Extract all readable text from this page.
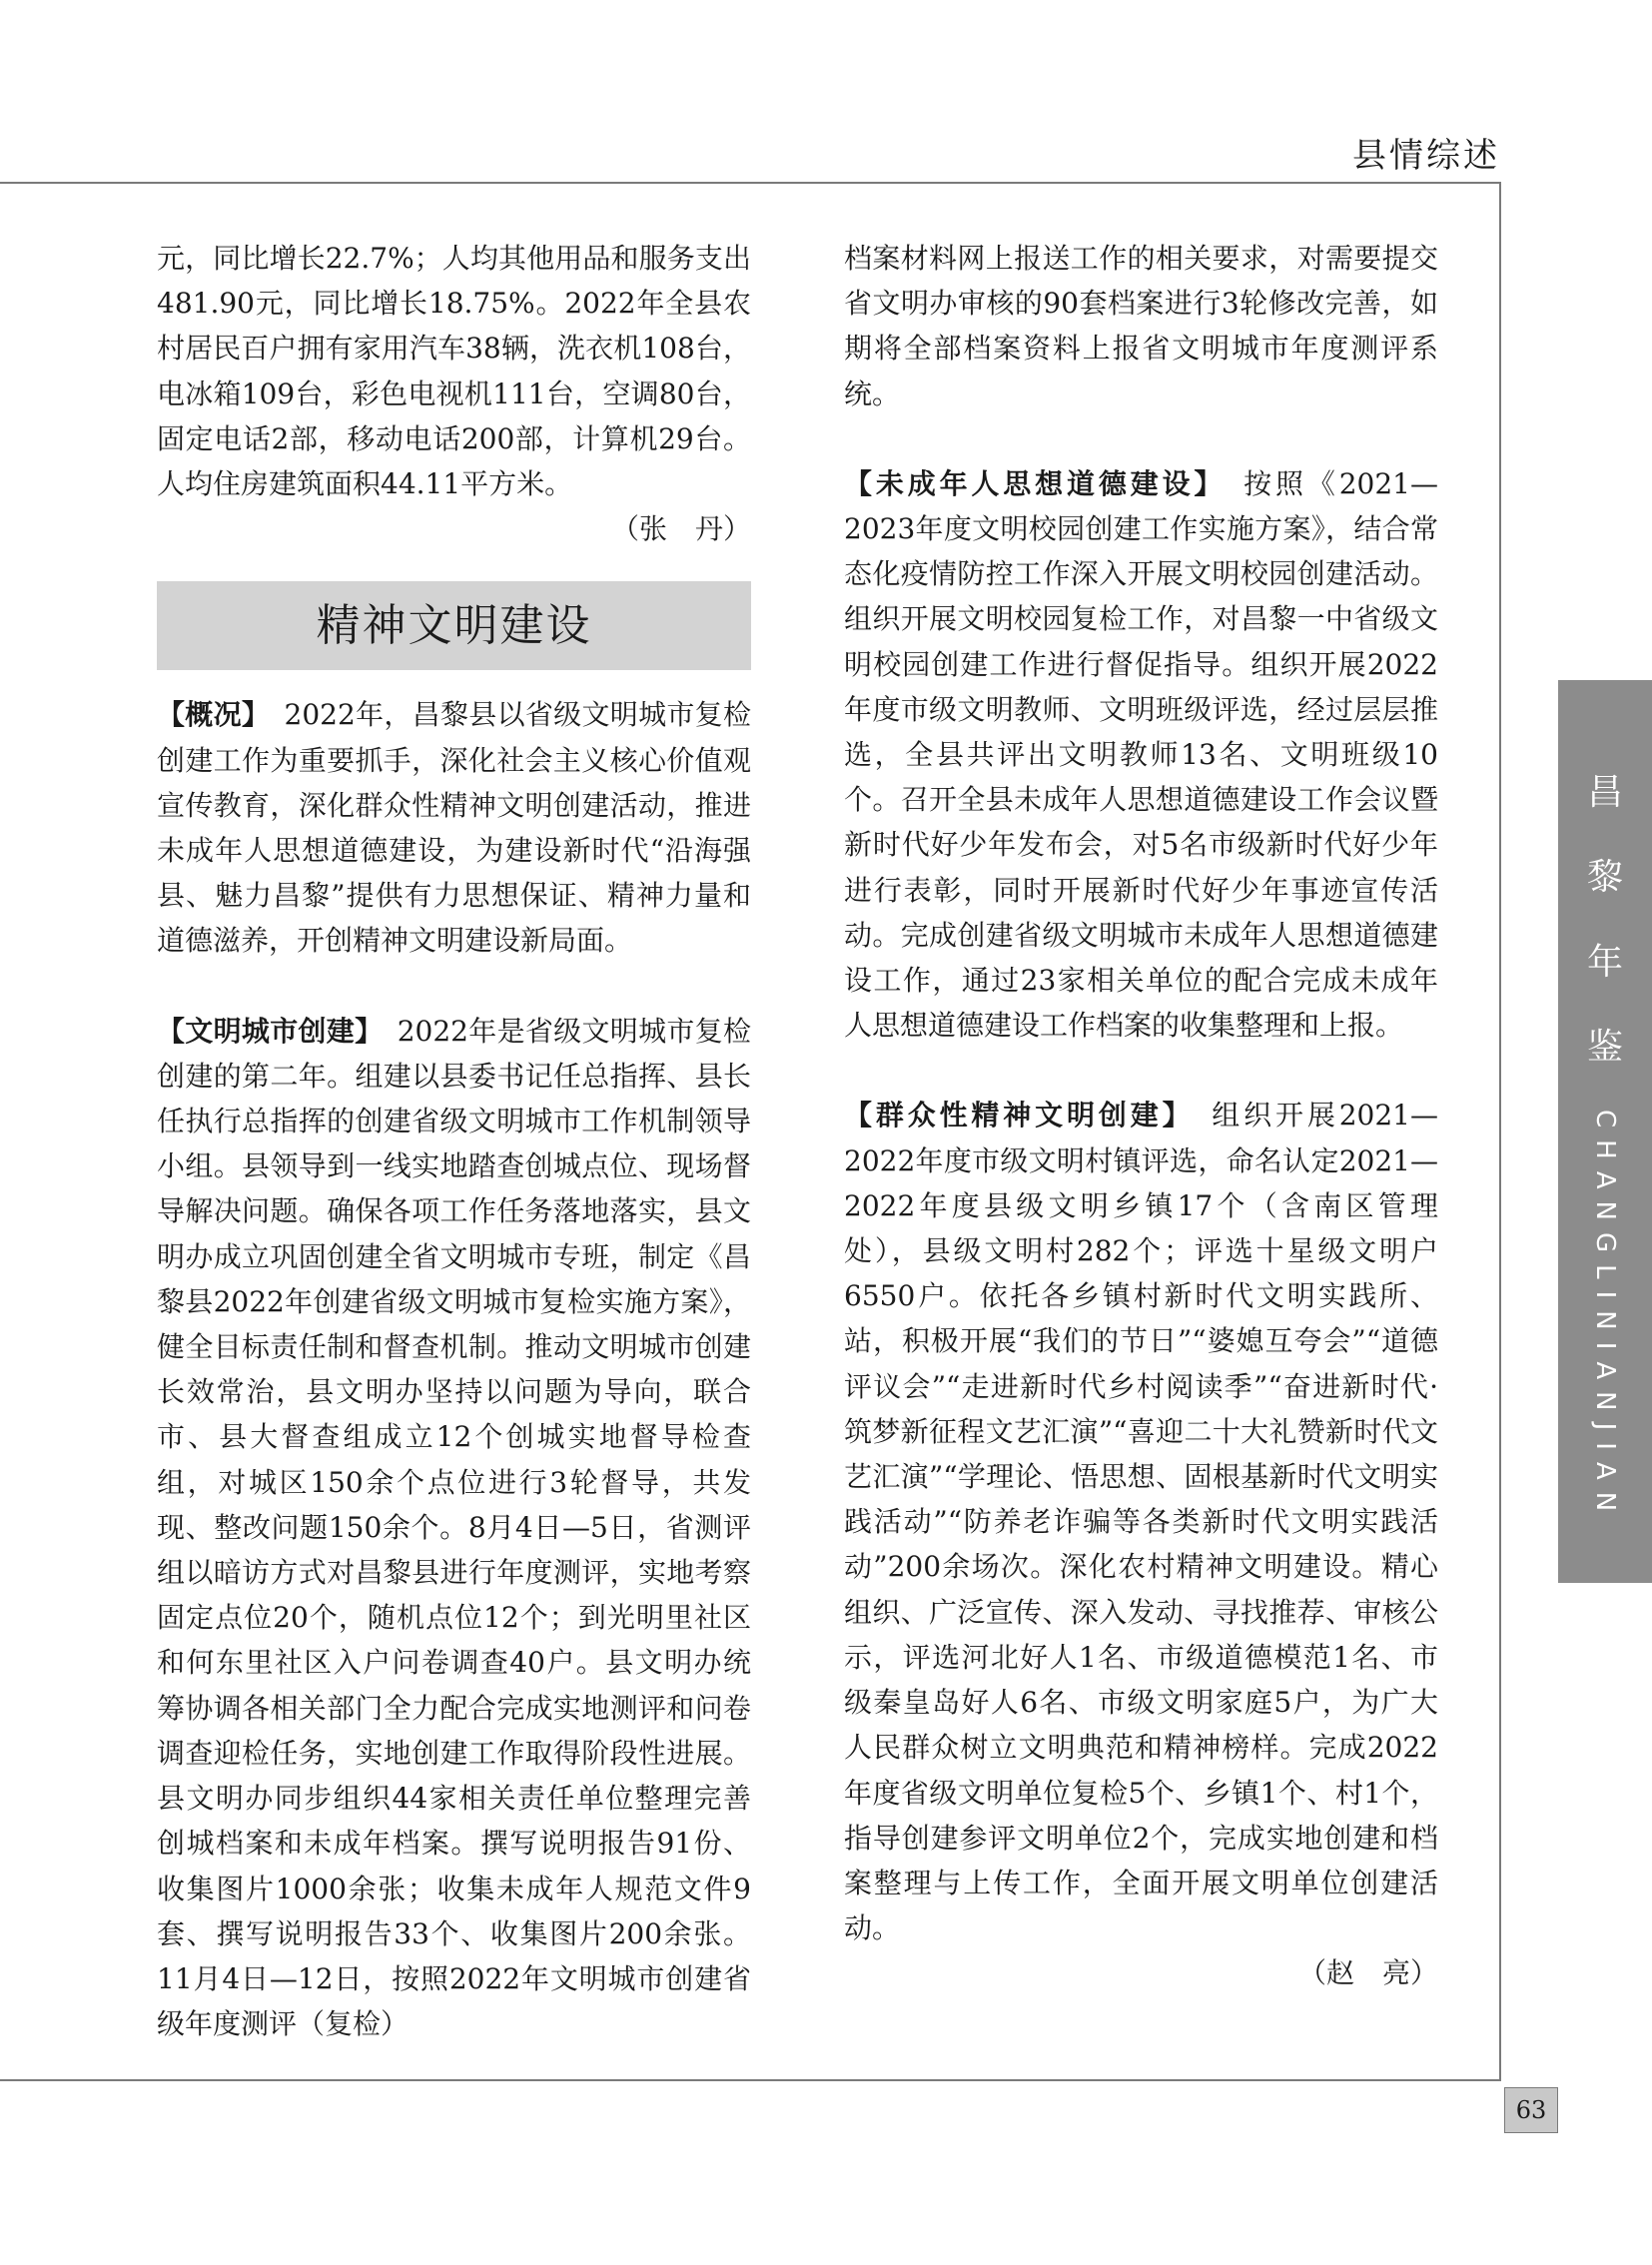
县情综述

元，同比增长22.7%；人均其他用品和服务支出481.90元，同比增长18.75%。2022年全县农村居民百户拥有家用汽车38辆，洗衣机108台，电冰箱109台，彩色电视机111台，空调80台，固定电话2部，移动电话200部，计算机29台。人均住房建筑面积44.11平方米。

（张　丹）

精神文明建设

【概况】　 2022年，昌黎县以省级文明城市复检创建工作为重要抓手，深化社会主义核心价值观宣传教育，深化群众性精神文明创建活动，推进未成年人思想道德建设，为建设新时代“沿海强县、魅力昌黎”提供有力思想保证、精神力量和道德滋养，开创精神文明建设新局面。

【文明城市创建】　 2022年是省级文明城市复检创建的第二年。组建以县委书记任总指挥、县长任执行总指挥的创建省级文明城市工作机制领导小组。县领导到一线实地踏查创城点位、现场督导解决问题。确保各项工作任务落地落实，县文明办成立巩固创建全省文明城市专班，制定《昌黎县2022年创建省级文明城市复检实施方案》，健全目标责任制和督查机制。推动文明城市创建长效常治，县文明办坚持以问题为导向，联合市、县大督查组成立12个创城实地督导检查组，对城区150余个点位进行3轮督导，共发现、整改问题150余个。8月4日—5日，省测评组以暗访方式对昌黎县进行年度测评，实地考察固定点位20个，随机点位12个；到光明里社区和何东里社区入户问卷调查40户。县文明办统筹协调各相关部门全力配合完成实地测评和问卷调查迎检任务，实地创建工作取得阶段性进展。县文明办同步组织44家相关责任单位整理完善创城档案和未成年档案。撰写说明报告91份、收集图片1000余张；收集未成年人规范文件9套、撰写说明报告33个、收集图片200余张。11月4日—12日，按照2022年文明城市创建省级年度测评（复检）

档案材料网上报送工作的相关要求，对需要提交省文明办审核的90套档案进行3轮修改完善，如期将全部档案资料上报省文明城市年度测评系统。

【未成年人思想道德建设】　 按照《2021—2023年度文明校园创建工作实施方案》，结合常态化疫情防控工作深入开展文明校园创建活动。组织开展文明校园复检工作，对昌黎一中省级文明校园创建工作进行督促指导。组织开展2022年度市级文明教师、文明班级评选，经过层层推选，全县共评出文明教师13名、文明班级10个。召开全县未成年人思想道德建设工作会议暨新时代好少年发布会，对5名市级新时代好少年进行表彰，同时开展新时代好少年事迹宣传活动。完成创建省级文明城市未成年人思想道德建设工作，通过23家相关单位的配合完成未成年人思想道德建设工作档案的收集整理和上报。

【群众性精神文明创建】　 组织开展2021—2022年度市级文明村镇评选，命名认定2021—2022年度县级文明乡镇17个（含南区管理处），县级文明村282个；评选十星级文明户6550户。依托各乡镇村新时代文明实践所、站，积极开展“我们的节日”“婆媳互夸会”“道德评议会”“走进新时代乡村阅读季”“奋进新时代·筑梦新征程文艺汇演”“喜迎二十大礼赞新时代文艺汇演”“学理论、悟思想、固根基新时代文明实践活动”“防养老诈骗等各类新时代文明实践活动”200余场次。深化农村精神文明建设。精心组织、广泛宣传、深入发动、寻找推荐、审核公示，评选河北好人1名、市级道德模范1名、市级秦皇岛好人6名、市级文明家庭5户，为广大人民群众树立文明典范和精神榜样。完成2022年度省级文明单位复检5个、乡镇1个、村1个，指导创建参评文明单位2个，完成实地创建和档案整理与上传工作，全面开展文明单位创建活动。

（赵　亮）

昌
黎
年
鉴
CHANGLINIANJIAN
63
